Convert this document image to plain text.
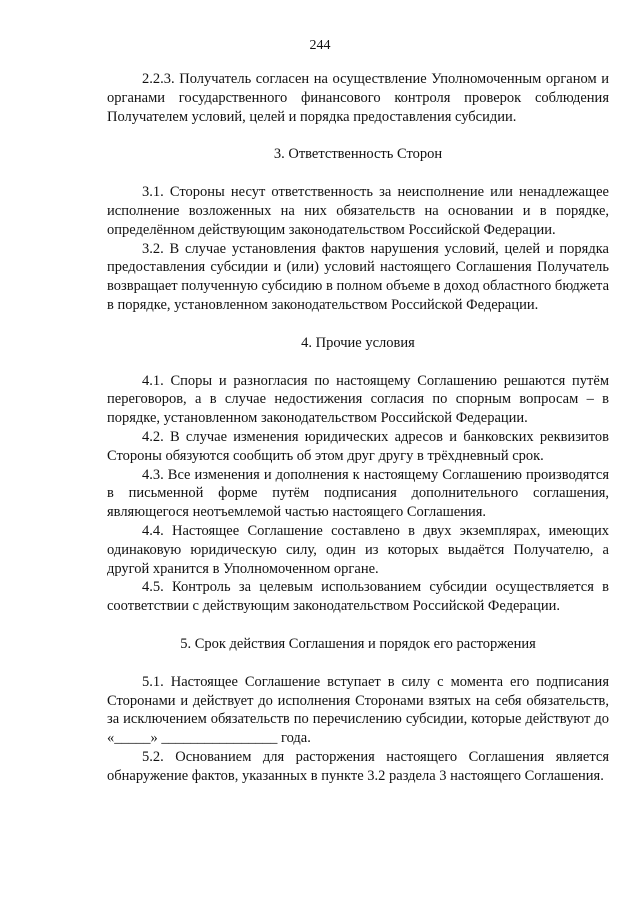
244

2.2.3. Получатель согласен на осуществление Уполномоченным органом и органами государственного финансового контроля проверок соблюдения Получателем условий, целей и порядка предоставления субсидии.

3. Ответственность Сторон

3.1. Стороны несут ответственность за неисполнение или ненадлежащее исполнение возложенных на них обязательств на основании и в порядке, определённом действующим законодательством Российской Федерации.

3.2. В случае установления фактов нарушения условий, целей и порядка предоставления субсидии и (или) условий настоящего Соглашения Получатель возвращает полученную субсидию в полном объеме в доход областного бюджета в порядке, установленном законодательством Российской Федерации.

4. Прочие условия

4.1. Споры и разногласия по настоящему Соглашению решаются путём переговоров, а в случае недостижения согласия по спорным вопросам – в порядке, установленном законодательством Российской Федерации.

4.2. В случае изменения юридических адресов и банковских реквизитов Стороны обязуются сообщить об этом друг другу в трёхдневный срок.

4.3. Все изменения и дополнения к настоящему Соглашению производятся в письменной форме путём подписания дополнительного соглашения, являющегося неотъемлемой частью настоящего Соглашения.

4.4. Настоящее Соглашение составлено в двух экземплярах, имеющих одинаковую юридическую силу, один из которых выдаётся Получателю, а другой хранится в Уполномоченном органе.

4.5. Контроль за целевым использованием субсидии осуществляется в соответствии с действующим законодательством Российской Федерации.

5. Срок действия Соглашения и порядок его расторжения

5.1. Настоящее Соглашение вступает в силу с момента его подписания Сторонами и действует до исполнения Сторонами взятых на себя обязательств, за исключением обязательств по перечислению субсидии, которые действуют до «_____» ________________ года.

5.2. Основанием для расторжения настоящего Соглашения является обнаружение фактов, указанных в пункте 3.2 раздела 3 настоящего Соглашения.
